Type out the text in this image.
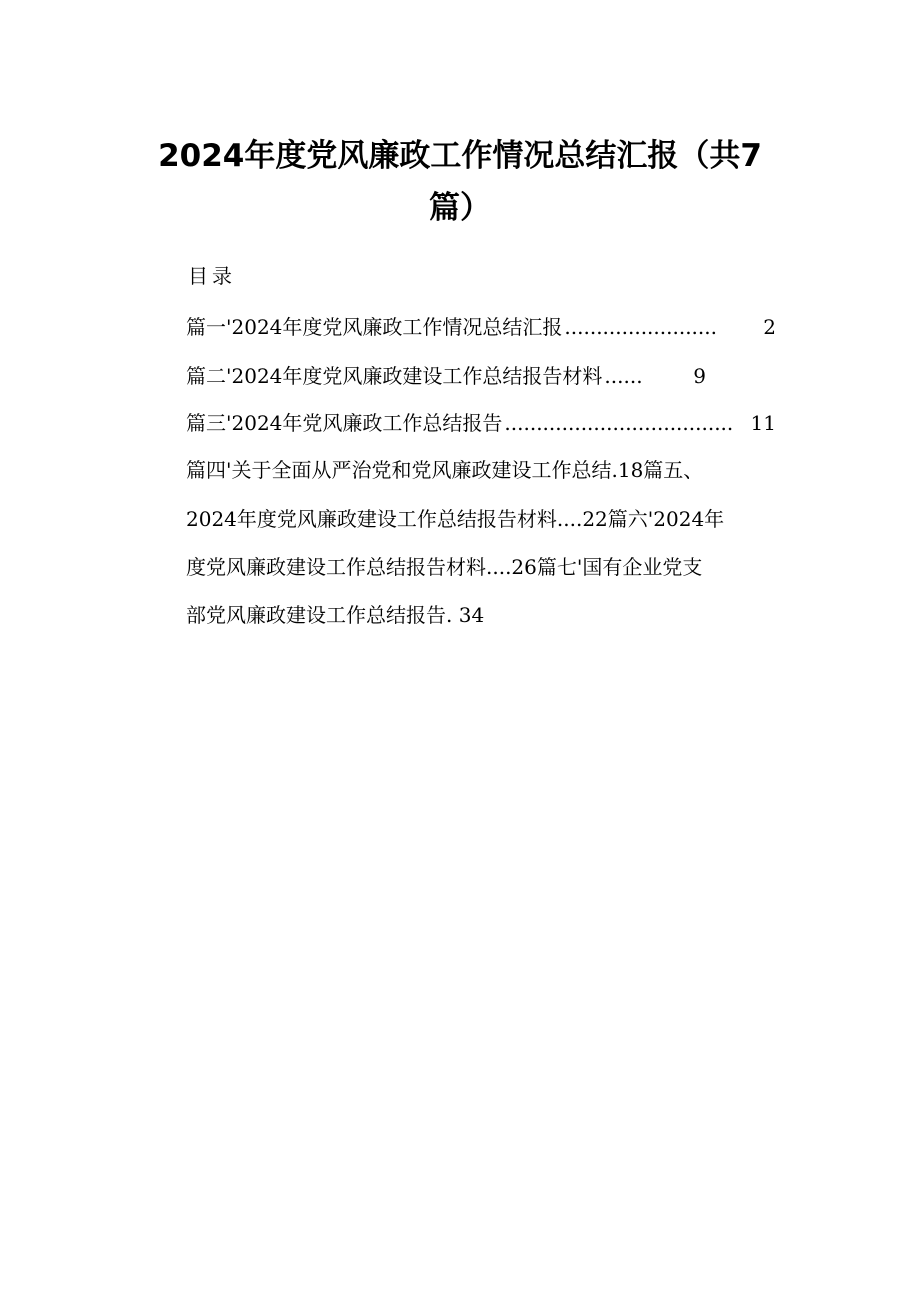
2024年度党风廉政工作情况总结汇报（共7
篇）
目录
篇一'2024年度党风廉政工作情况总结汇报 ........................	2
篇二'2024年度党风廉政建设工作总结报告材料 ......	9
篇三'2024年党风廉政工作总结报告 .................................... 11
篇四'关于全面从严治党和党风廉政建设工作总结.18篇五、
2024年度党风廉政建设工作总结报告材料....22篇六'2024年
度党风廉政建设工作总结报告材料....26篇七'国有企业党支
部党风廉政建设工作总结报告. 34
